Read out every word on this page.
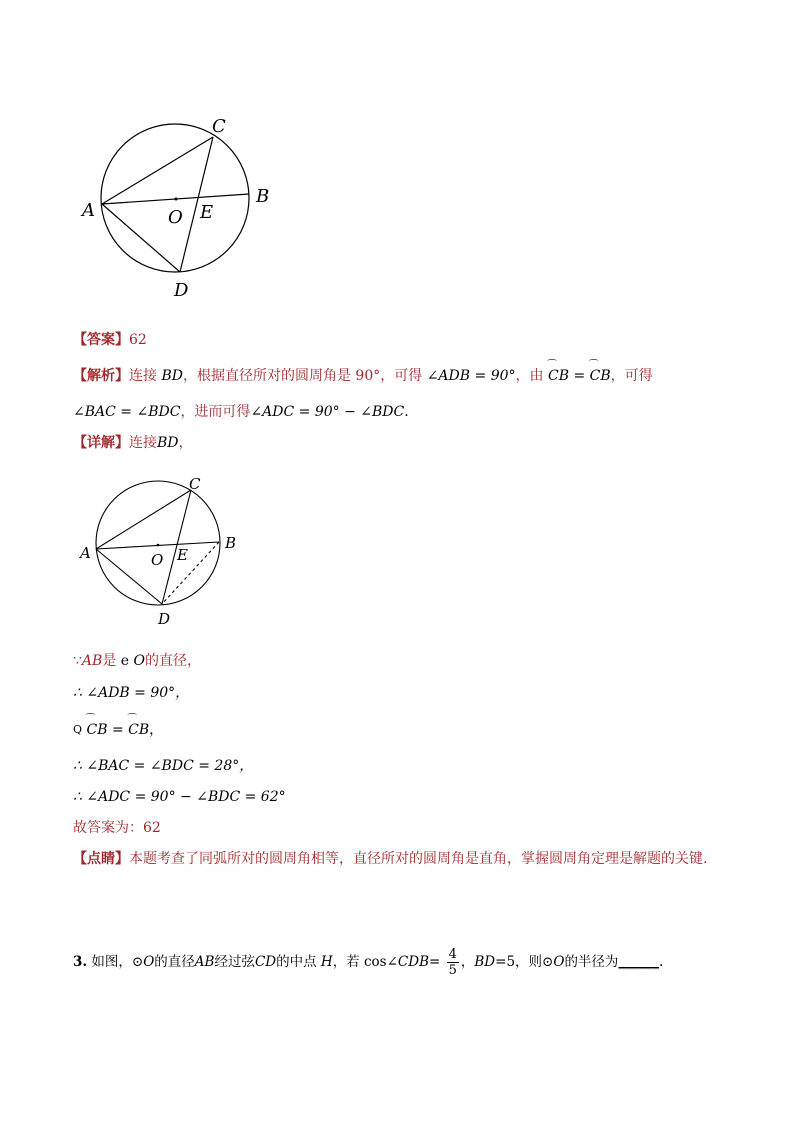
A
B
C
D
E
O
【答案】62
【解析】连接 BD，根据直径所对的圆周角是 90°，可得 ∠ADB = 90°，由 ⌒ CB = ⌒ CB，可得
∠BAC = ∠BDC，进而可得∠ADC = 90° − ∠BDC.
【详解】连接BD，
A
B
C
D
E
O
∵AB是 e O的直径，
∴ ∠ADB = 90°，
$^Q$ ⌒ CB = ⌒ CB，
∴ ∠BAC = ∠BDC = 28°，
∴ ∠ADC = 90° − ∠BDC = 62°
故答案为：62
【点睛】本题考查了同弧所对的圆周角相等，直径所对的圆周角是直角，掌握圆周角定理是解题的关键.
3. 如图，⊙O的直径AB经过弦CD的中点 H，若 cos∠CDB= $\frac{4}{5}$ ，BD=5，则⊙O的半径为______.
